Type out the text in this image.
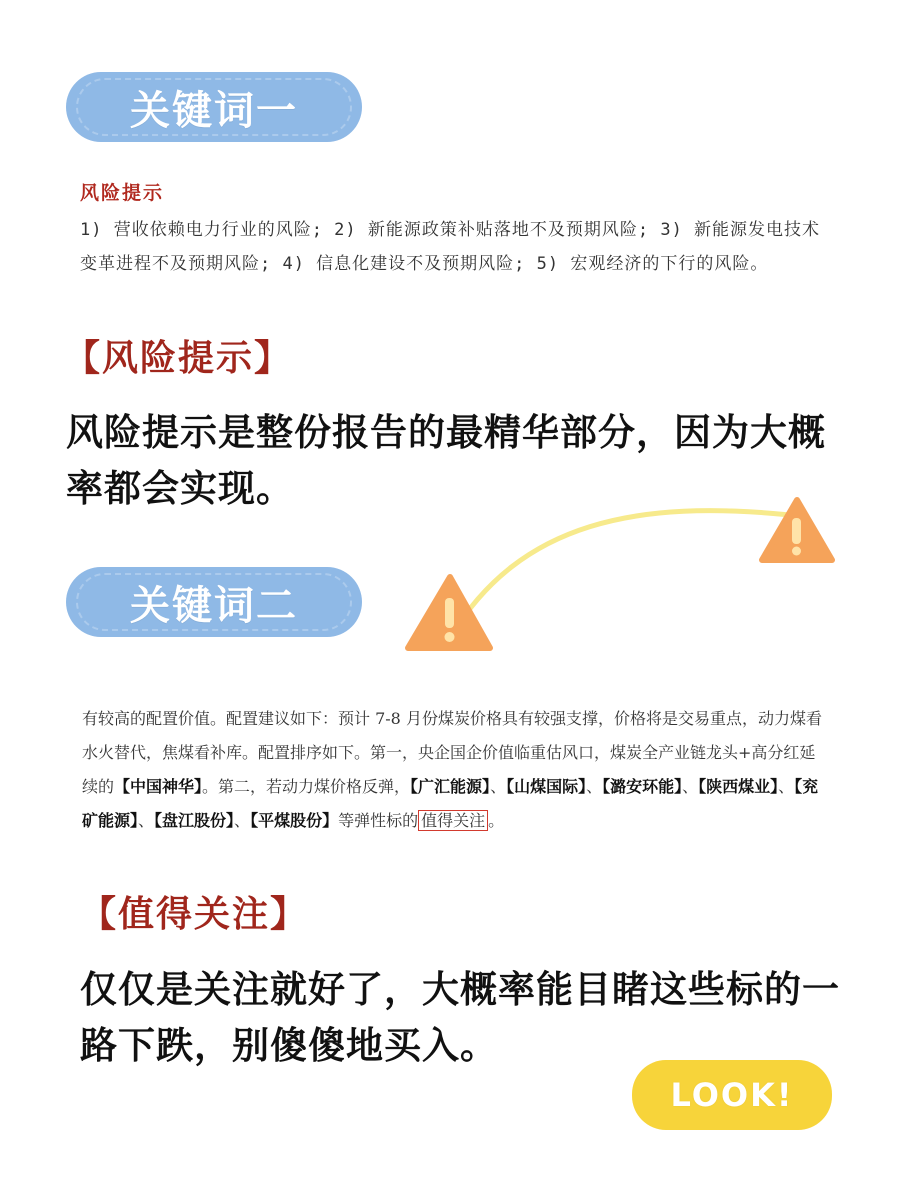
关键词一
风险提示
1) 营收依赖电力行业的风险; 2) 新能源政策补贴落地不及预期风险; 3) 新能源发电技术变革进程不及预期风险; 4) 信息化建设不及预期风险; 5) 宏观经济的下行的风险。
【风险提示】
风险提示是整份报告的最精华部分，因为大概率都会实现。
关键词二
有较高的配置价值。配置建议如下：预计 7-8 月份煤炭价格具有较强支撑，价格将是交易重点，动力煤看水火替代，焦煤看补库。配置排序如下。第一，央企国企价值临重估风口，煤炭全产业链龙头+高分红延续的【中国神华】。第二，若动力煤价格反弹，【广汇能源】、【山煤国际】、【潞安环能】、【陕西煤业】、【兖矿能源】、【盘江股份】、【平煤股份】等弹性标的 值得关注 。
【值得关注】
仅仅是关注就好了，大概率能目睹这些标的一路下跌，别傻傻地买入。
LOOK!
